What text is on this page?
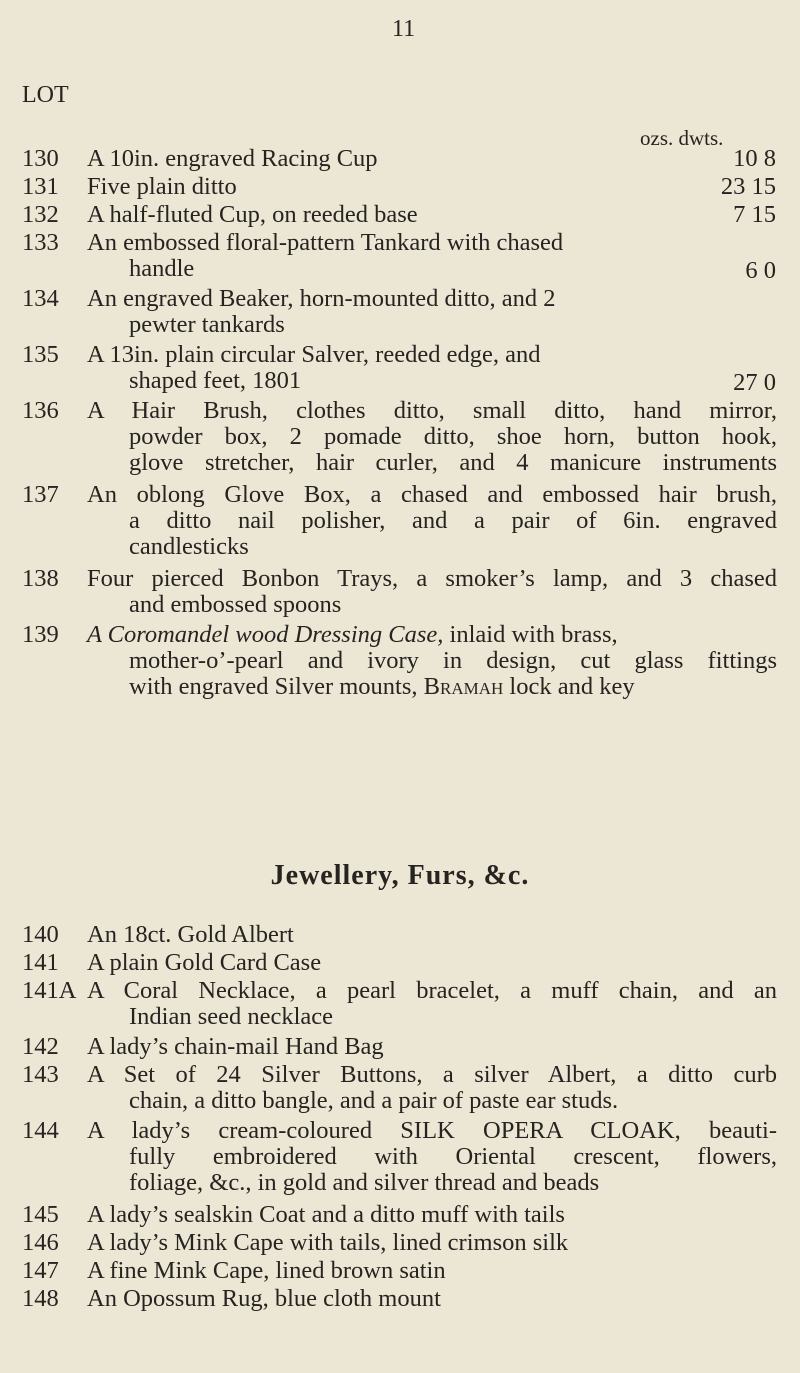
11
LOT
ozs. dwts.
130	A 10in. engraved Racing Cup	10 8
131	Five plain ditto	23 15
132	A half-fluted Cup, on reeded base	7 15
133	An embossed floral-pattern Tankard with chased
handle	6 0
134	An engraved Beaker, horn-mounted ditto, and 2
pewter tankards
135	A 13in. plain circular Salver, reeded edge, and
shaped feet, 1801	27 0
136	A Hair Brush, clothes ditto, small ditto, hand mirror,
powder box, 2 pomade ditto, shoe horn, button hook,
glove stretcher, hair curler, and 4 manicure instruments
137	An oblong Glove Box, a chased and embossed hair brush,
a ditto nail polisher, and a pair of 6in. engraved
candlesticks
138	Four pierced Bonbon Trays, a smoker’s lamp, and 3 chased
and embossed spoons
139	A Coromandel wood Dressing Case, inlaid with brass,
mother-o’-pearl and ivory in design, cut glass fittings
with engraved Silver mounts, Bramah lock and key
Jewellery, Furs, &c.
140	An 18ct. Gold Albert
141	A plain Gold Card Case
141A A Coral Necklace, a pearl bracelet, a muff chain, and an
Indian seed necklace
142	A lady’s chain-mail Hand Bag
143	A Set of 24 Silver Buttons, a silver Albert, a ditto curb
chain, a ditto bangle, and a pair of paste ear studs.
144	A lady’s cream-coloured SILK OPERA CLOAK, beauti-
fully embroidered with Oriental crescent, flowers,
foliage, &c., in gold and silver thread and beads
145	A lady’s sealskin Coat and a ditto muff with tails
146	A lady’s Mink Cape with tails, lined crimson silk
147	A fine Mink Cape, lined brown satin
148	An Opossum Rug, blue cloth mount
